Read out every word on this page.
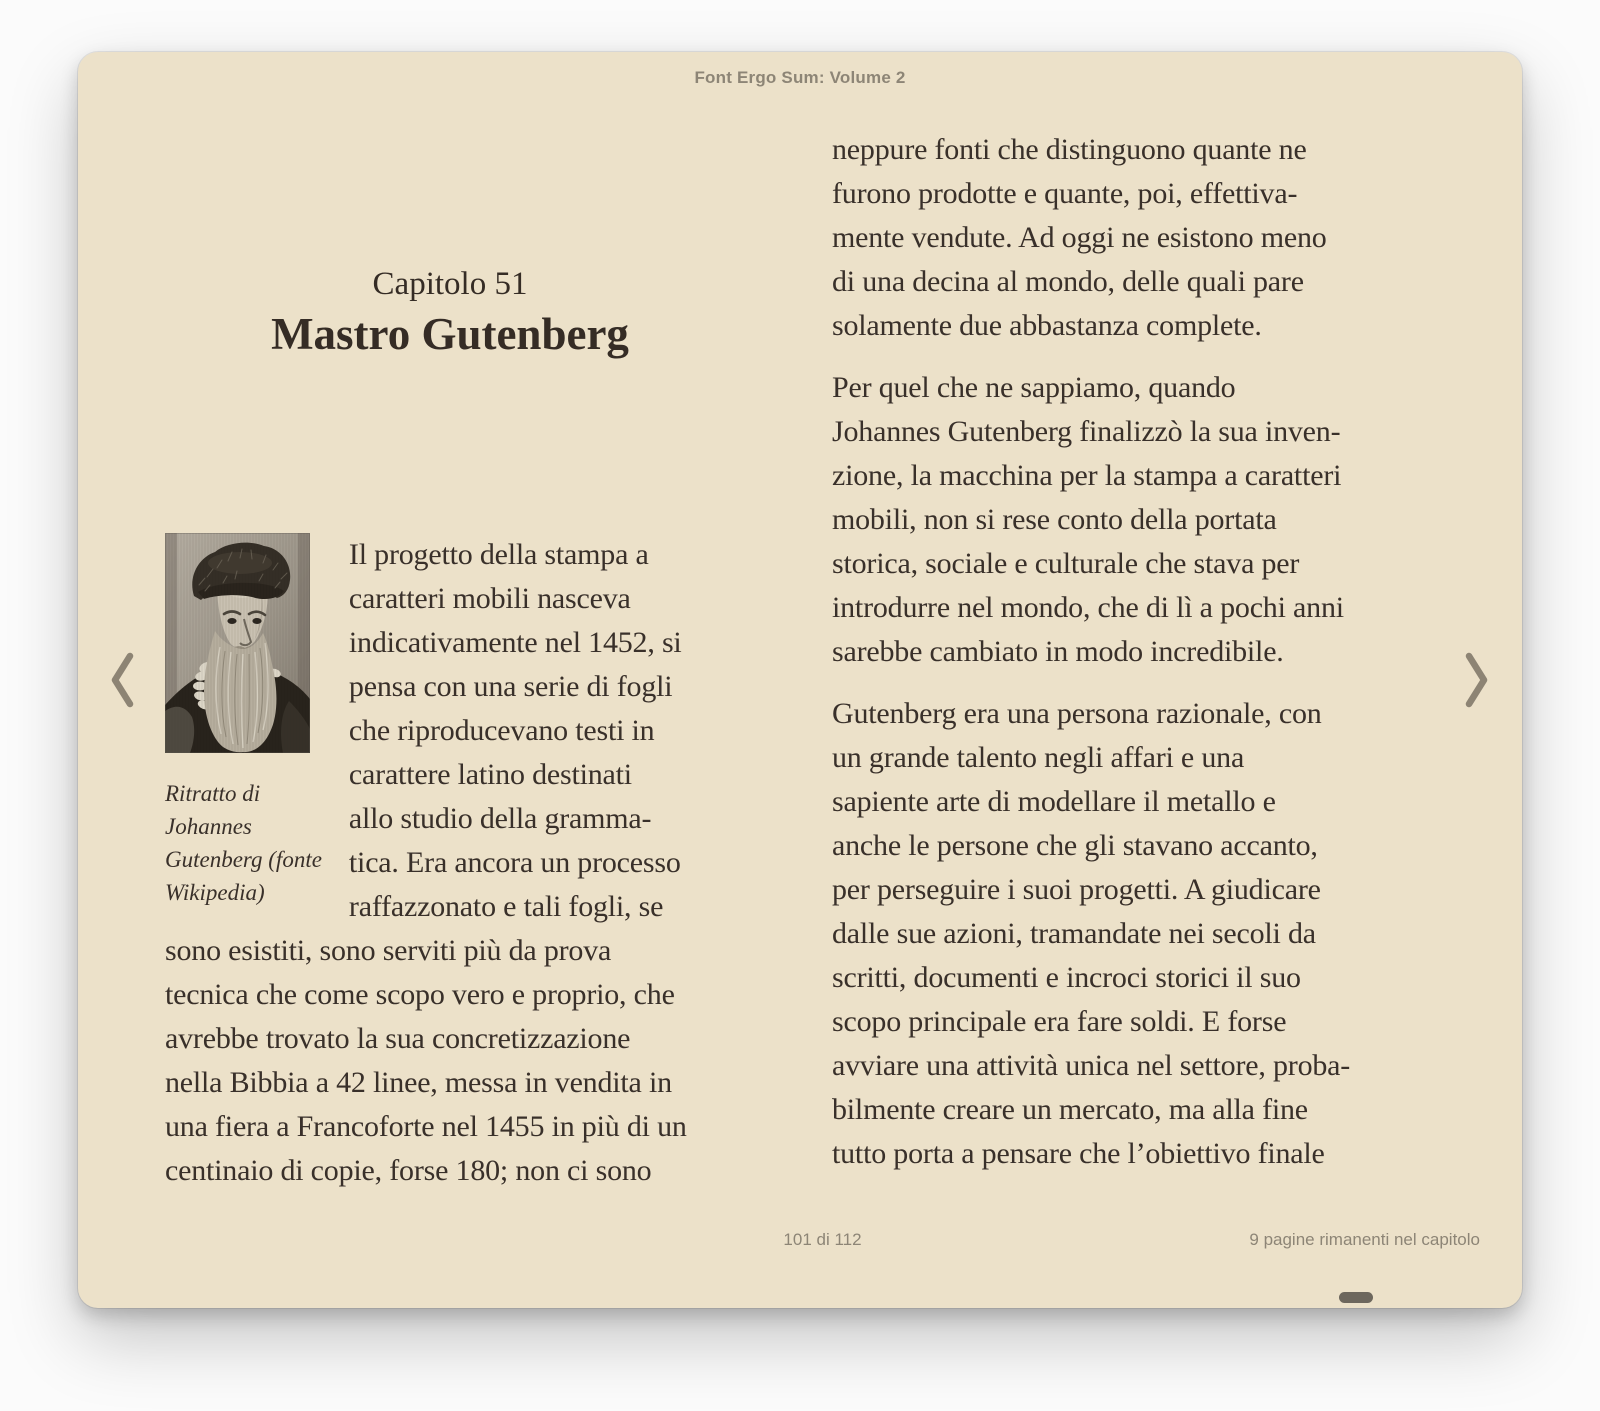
Font Ergo Sum: Volume 2
Capitolo 51
Mastro Gutenberg
Ritratto di
Johannes
Gutenberg (fonte
Wikipedia)
Il progetto della stampa a
caratteri mobili nasceva
indicativamente nel 1452, si
pensa con una serie di fogli
che riproducevano testi in
carattere latino destinati
allo studio della gramma-
tica. Era ancora un processo
raffazzonato e tali fogli, se
sono esistiti, sono serviti più da prova
tecnica che come scopo vero e proprio, che
avrebbe trovato la sua concretizzazione
nella Bibbia a 42 linee, messa in vendita in
una fiera a Francoforte nel 1455 in più di un
centinaio di copie, forse 180; non ci sono
neppure fonti che distinguono quante ne
furono prodotte e quante, poi, effettiva-
mente vendute. Ad oggi ne esistono meno
di una decina al mondo, delle quali pare
solamente due abbastanza complete.
Per quel che ne sappiamo, quando
Johannes Gutenberg finalizzò la sua inven-
zione, la macchina per la stampa a caratteri
mobili, non si rese conto della portata
storica, sociale e culturale che stava per
introdurre nel mondo, che di lì a pochi anni
sarebbe cambiato in modo incredibile.
Gutenberg era una persona razionale, con
un grande talento negli affari e una
sapiente arte di modellare il metallo e
anche le persone che gli stavano accanto,
per perseguire i suoi progetti. A giudicare
dalle sue azioni, tramandate nei secoli da
scritti, documenti e incroci storici il suo
scopo principale era fare soldi. E forse
avviare una attività unica nel settore, proba-
bilmente creare un mercato, ma alla fine
tutto porta a pensare che l’obiettivo finale
101 di 112	9 pagine rimanenti nel capitolo
